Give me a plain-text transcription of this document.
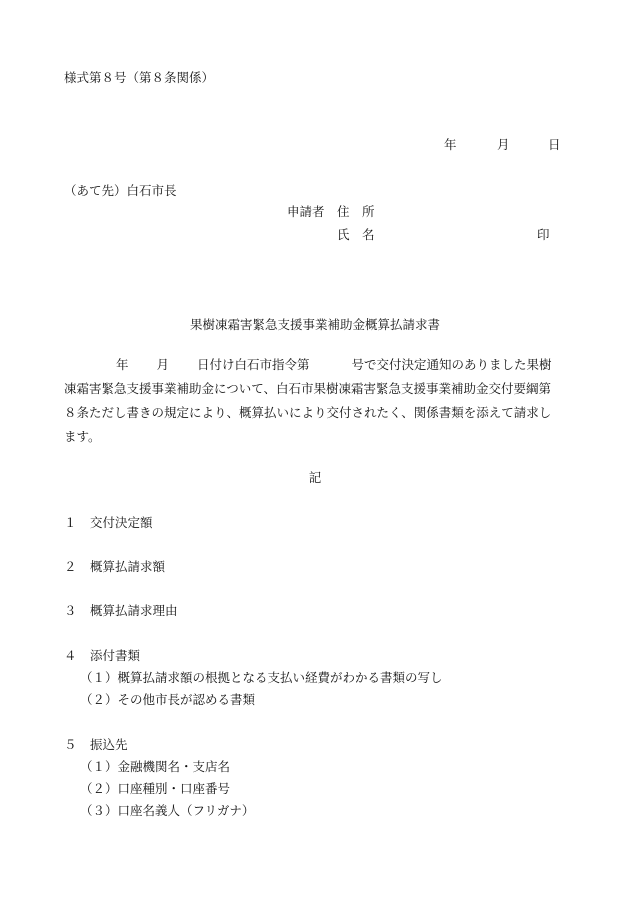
様式第８号（第８条関係）
年	月	日
（あて先）白石市長
申請者 住　所
氏　名	印
果樹凍霜害緊急支援事業補助金概算払請求書
年 月 日付け白石市指令第	号で交付決定通知のありました果樹凍霜害緊急支援事業補助金について、白石市果樹凍霜害緊急支援事業補助金交付要綱第８条ただし書きの規定により、概算払いにより交付されたく、関係書類を添えて請求します。
記
１ 交付決定額
２ 概算払請求額
３ 概算払請求理由
４ 添付書類
（１）概算払請求額の根拠となる支払い経費がわかる書類の写し
（２）その他市長が認める書類
５ 振込先
（１）金融機関名・支店名
（２）口座種別・口座番号
（３）口座名義人（フリガナ）
